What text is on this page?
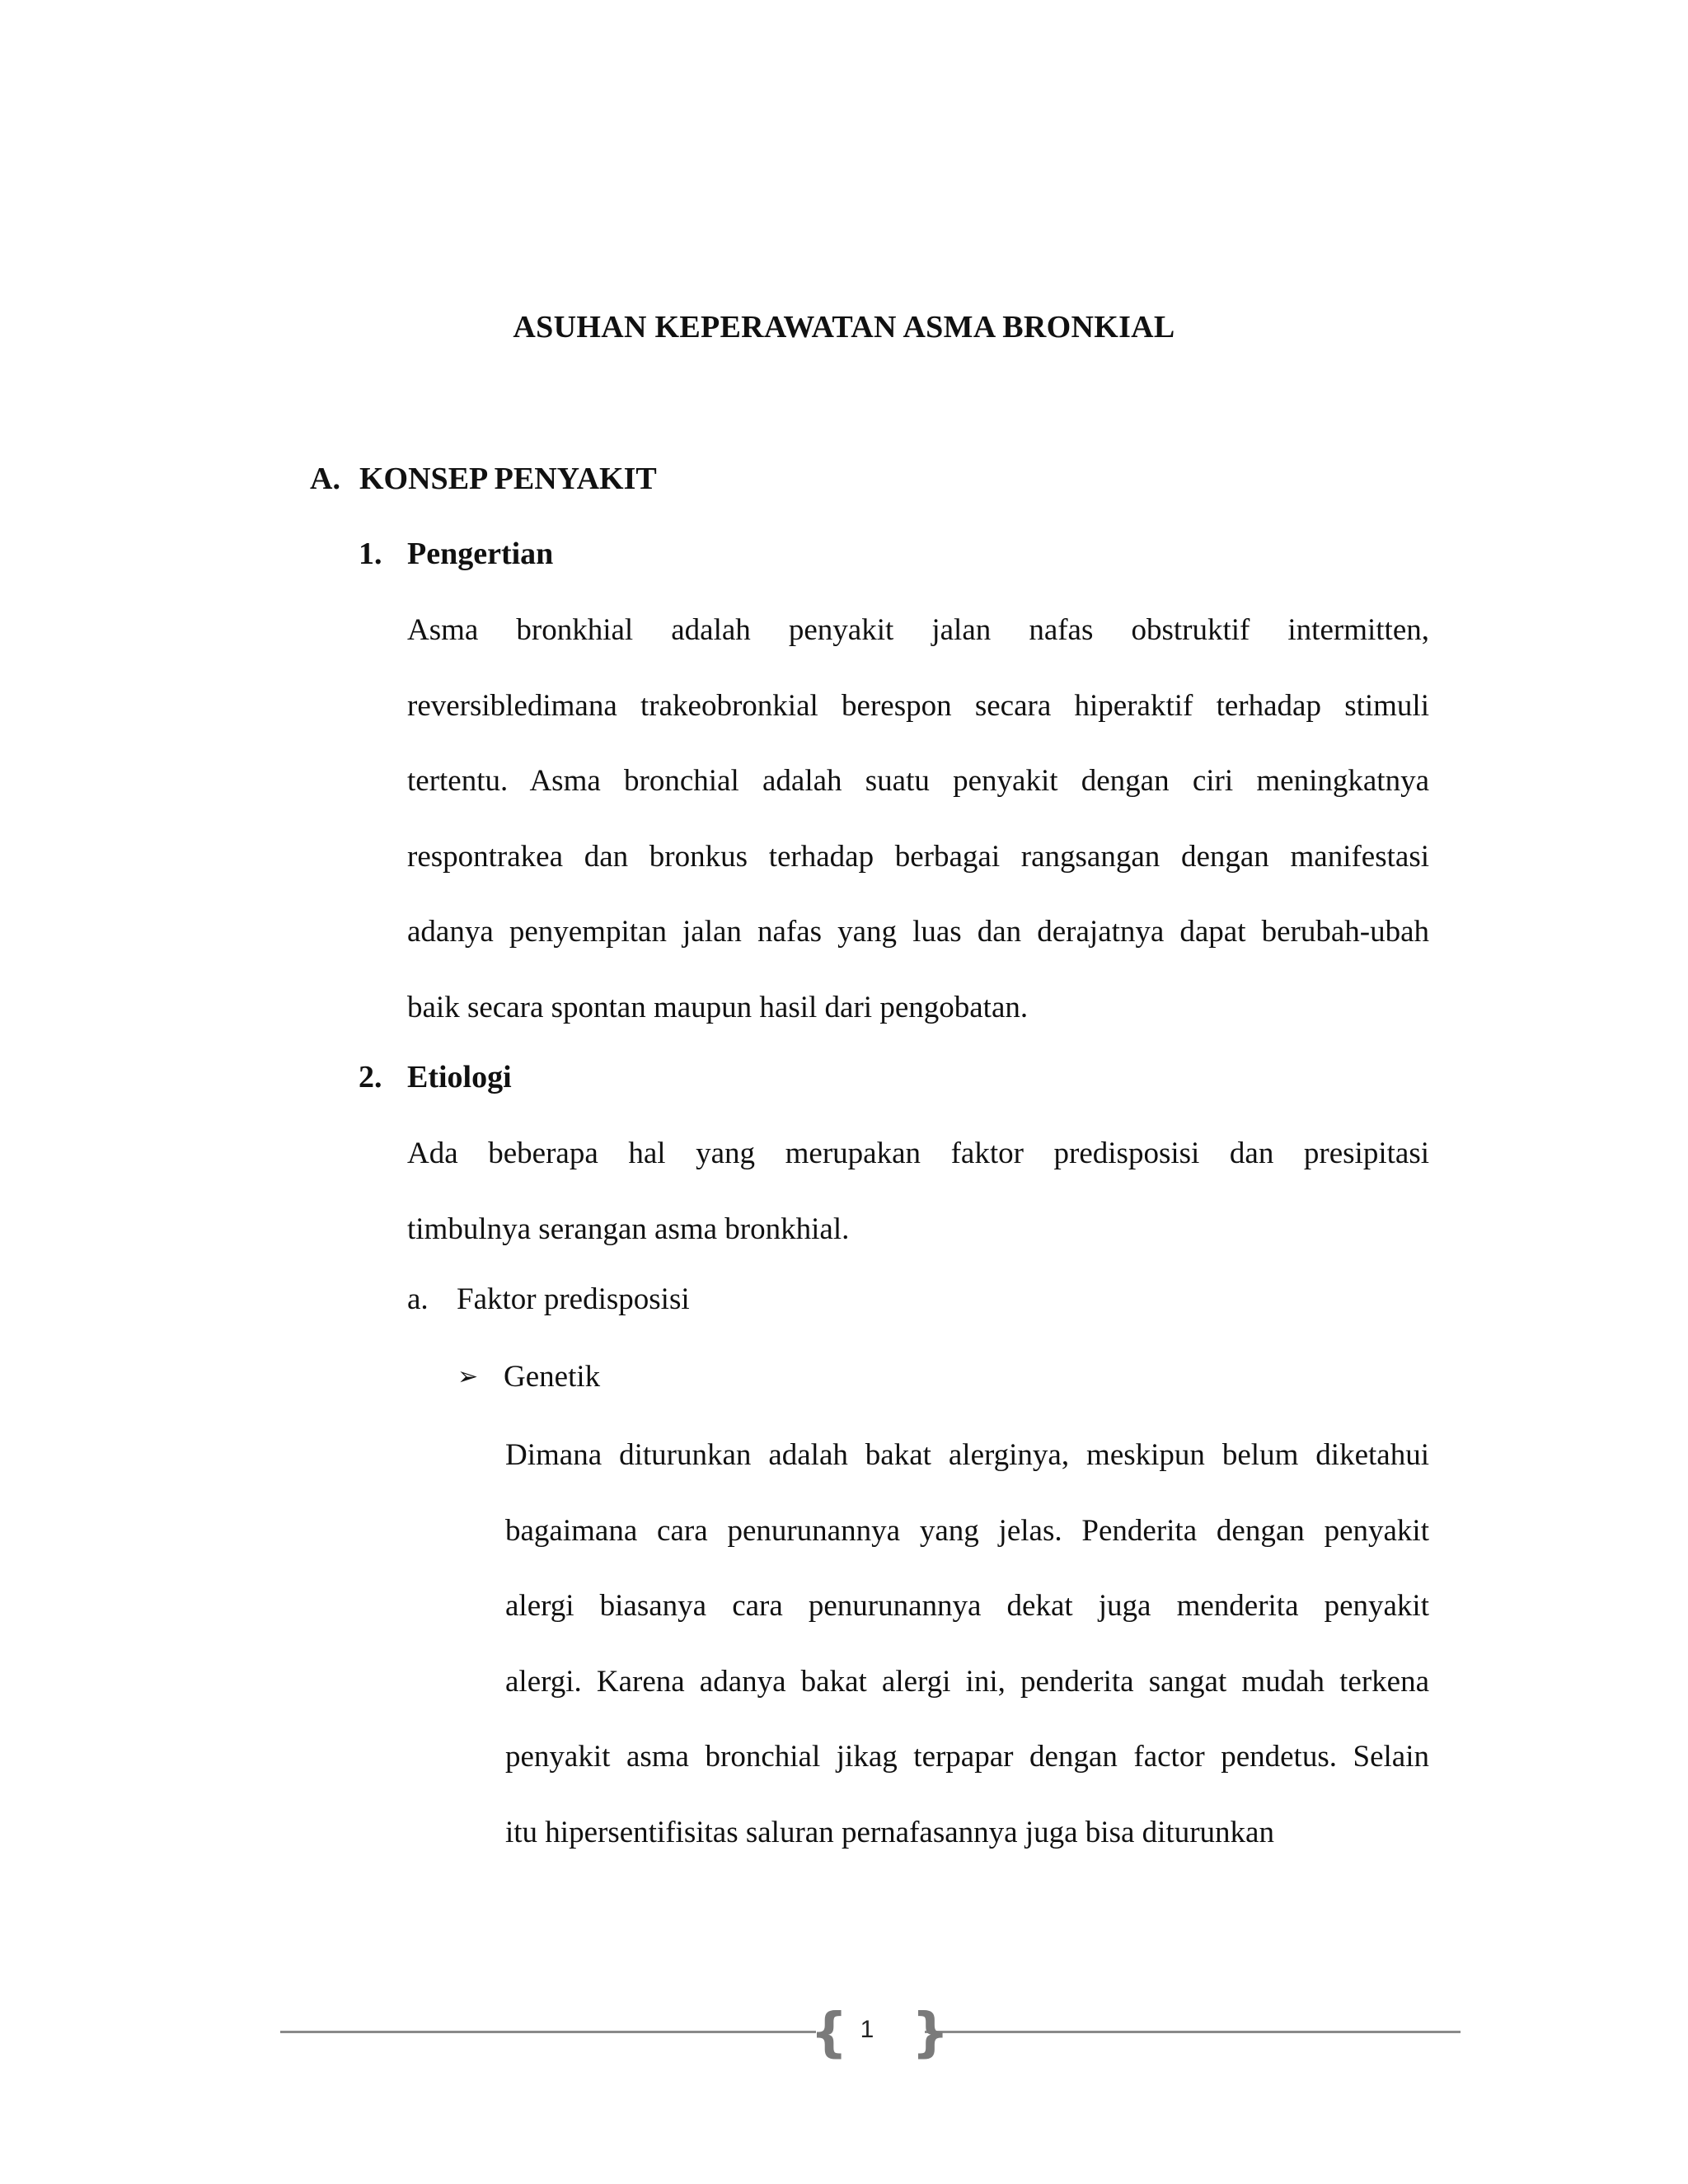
ASUHAN KEPERAWATAN ASMA BRONKIAL
A. KONSEP PENYAKIT
1. Pengertian
Asma bronkhial adalah penyakit jalan nafas obstruktif intermitten,
reversibledimana trakeobronkial berespon secara hiperaktif terhadap stimuli
tertentu. Asma bronchial adalah suatu penyakit dengan ciri meningkatnya
respontrakea dan bronkus terhadap berbagai rangsangan dengan manifestasi
adanya penyempitan jalan nafas yang luas dan derajatnya dapat berubah-ubah
baik secara spontan maupun hasil dari pengobatan.
2. Etiologi
Ada beberapa hal yang merupakan faktor predisposisi dan presipitasi
timbulnya serangan asma bronkhial.
a. Faktor predisposisi
➢ Genetik
Dimana diturunkan adalah bakat alerginya, meskipun belum diketahui
bagaimana cara penurunannya yang jelas. Penderita dengan penyakit
alergi biasanya cara penurunannya dekat juga menderita penyakit
alergi. Karena adanya bakat alergi ini, penderita sangat mudah terkena
penyakit asma bronchial jikag terpapar dengan factor pendetus. Selain
itu hipersentifisitas saluran pernafasannya juga bisa diturunkan
{ 1 }
